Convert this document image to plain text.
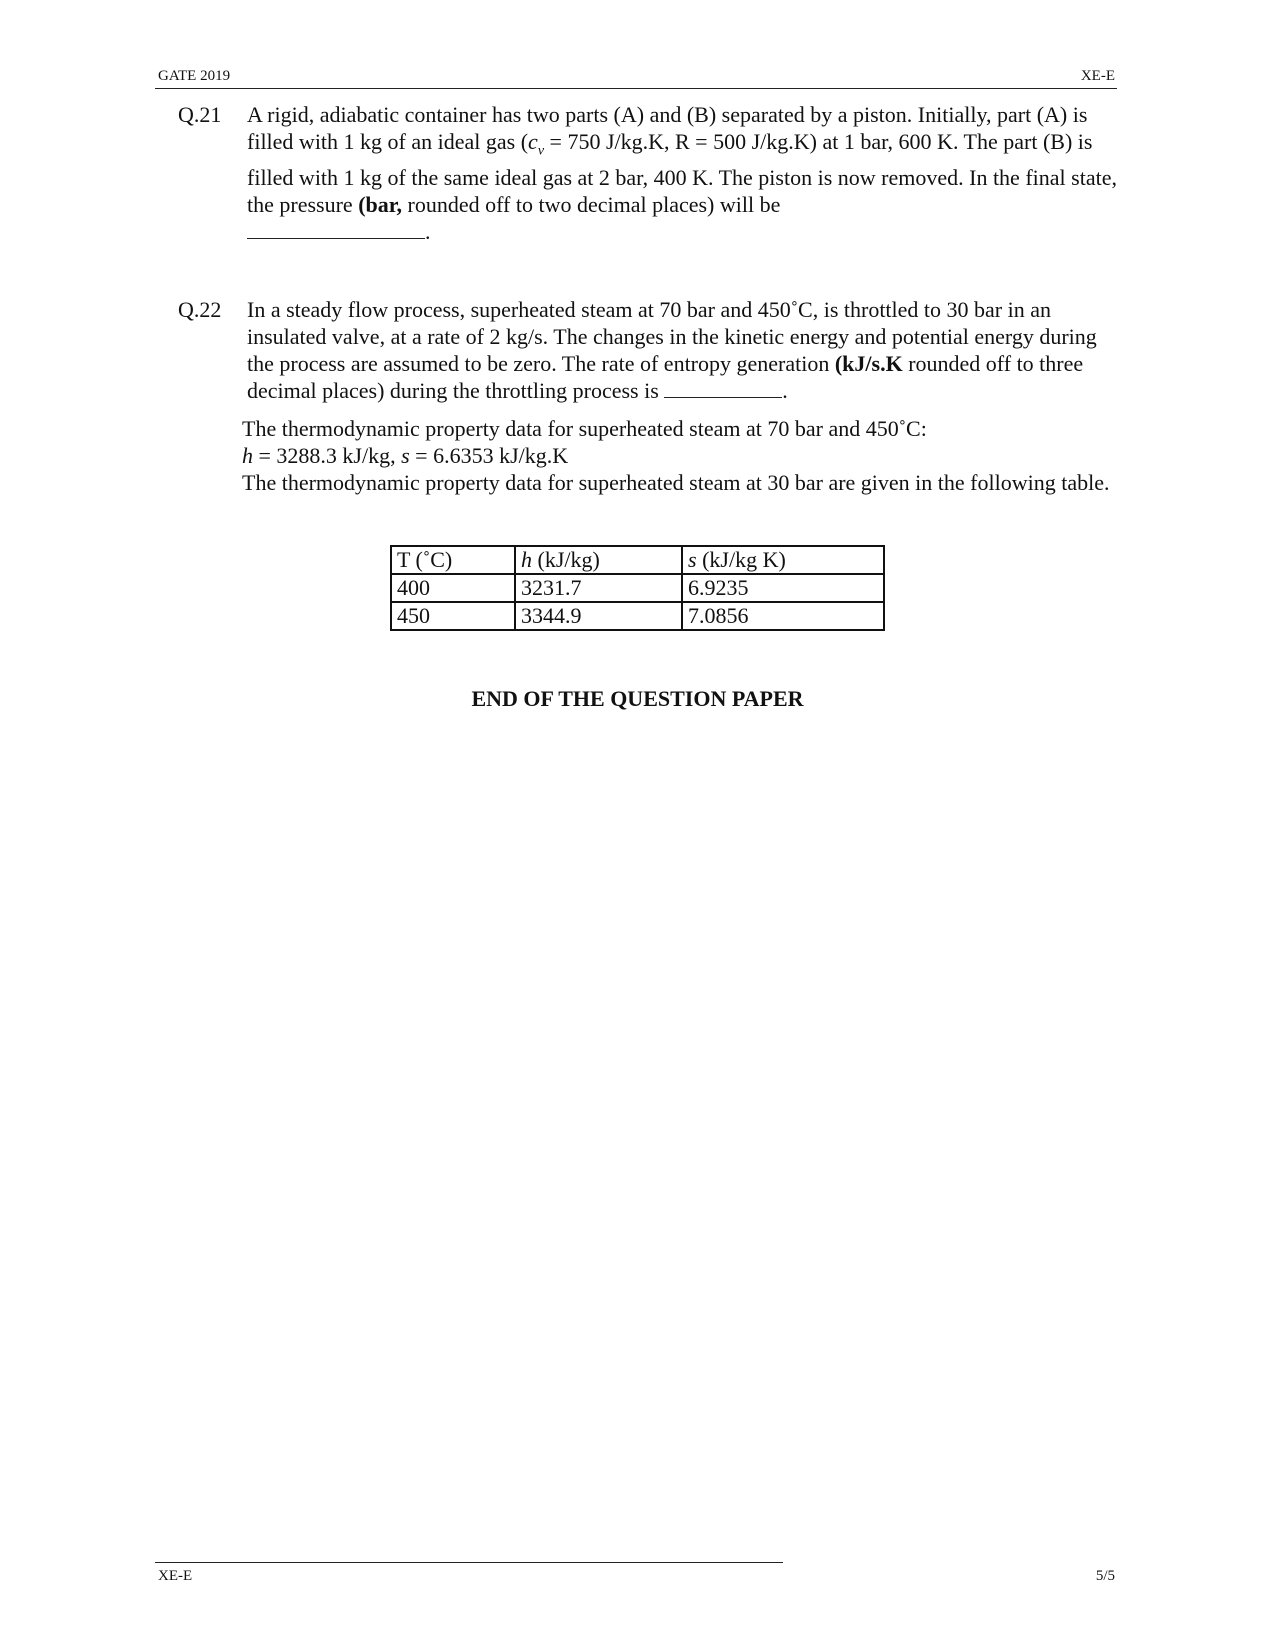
GATE 2019	XE-E
Q.21 A rigid, adiabatic container has two parts (A) and (B) separated by a piston. Initially, part (A) is filled with 1 kg of an ideal gas ($c_v = 750$ J/kg.K, R = 500 J/kg.K) at 1 bar, 600 K. The part (B) is filled with 1 kg of the same ideal gas at 2 bar, 400 K. The piston is now removed. In the final state, the pressure (bar, rounded off to two decimal places) will be
.
Q.22 In a steady flow process, superheated steam at 70 bar and 450˚C, is throttled to 30 bar in an insulated valve, at a rate of 2 kg/s. The changes in the kinetic energy and potential energy during the process are assumed to be zero. The rate of entropy generation (kJ/s.K rounded off to three decimal places) during the throttling process is	.

The thermodynamic property data for superheated steam at 70 bar and 450˚C:

h = 3288.3 kJ/kg, s = 6.6353 kJ/kg.K

The thermodynamic property data for superheated steam at 30 bar are given in the following table.

T (˚C)	h (kJ/kg)	s (kJ/kg K)
400	3231.7	6.9235
450	3344.9	7.0856
END OF THE QUESTION PAPER
XE-E	5/5
